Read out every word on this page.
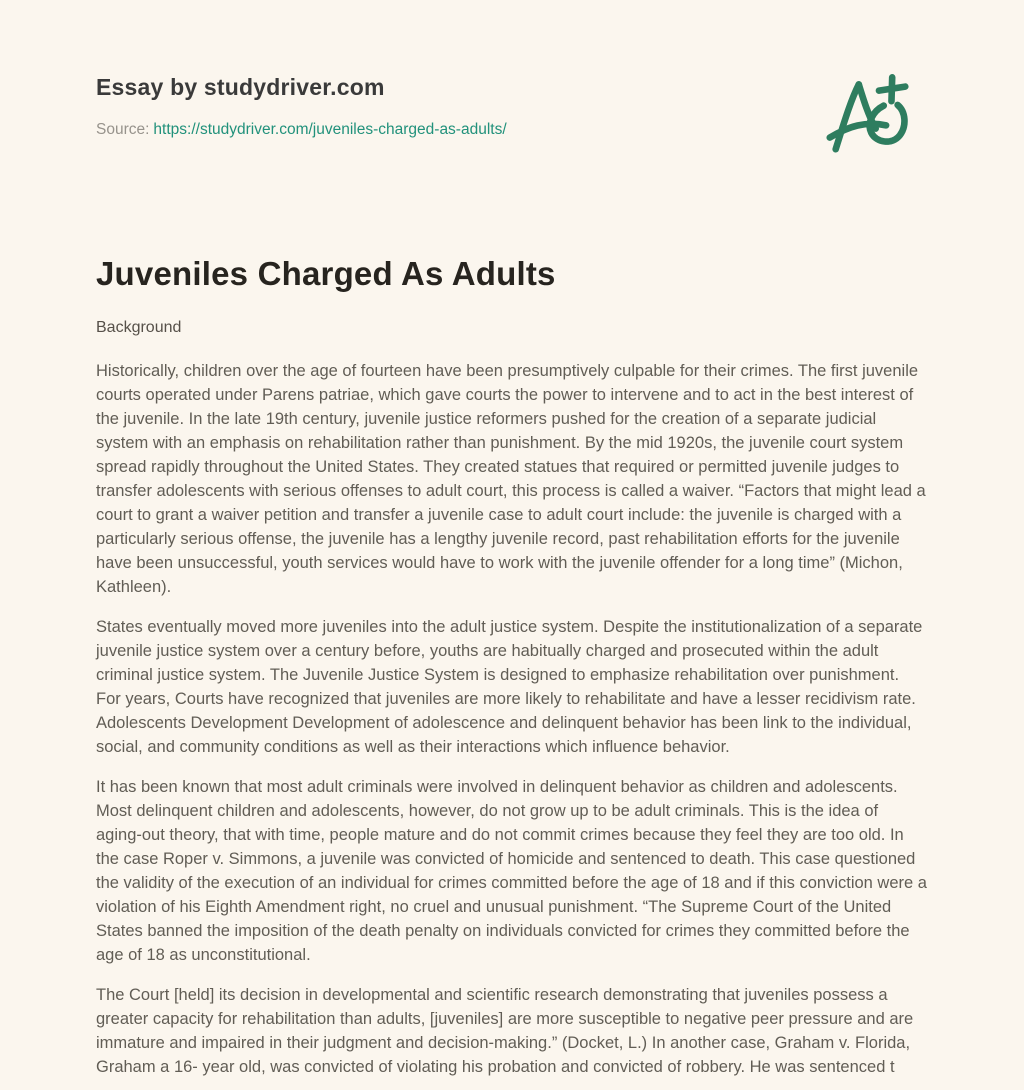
Essay by studydriver.com
Source: https://studydriver.com/juveniles-charged-as-adults/
Juveniles Charged As Adults
Background

Historically, children over the age of fourteen have been presumptively culpable for their crimes. The first juvenile courts operated under Parens patriae, which gave courts the power to intervene and to act in the best interest of the juvenile. In the late 19th century, juvenile justice reformers pushed for the creation of a separate judicial system with an emphasis on rehabilitation rather than punishment. By the mid 1920s, the juvenile court system spread rapidly throughout the United States. They created statues that required or permitted juvenile judges to transfer adolescents with serious offenses to adult court, this process is called a waiver. “Factors that might lead a court to grant a waiver petition and transfer a juvenile case to adult court include: the juvenile is charged with a particularly serious offense, the juvenile has a lengthy juvenile record, past rehabilitation efforts for the juvenile have been unsuccessful, youth services would have to work with the juvenile offender for a long time” (Michon, Kathleen).

States eventually moved more juveniles into the adult justice system. Despite the institutionalization of a separate juvenile justice system over a century before, youths are habitually charged and prosecuted within the adult criminal justice system. The Juvenile Justice System is designed to emphasize rehabilitation over punishment. For years, Courts have recognized that juveniles are more likely to rehabilitate and have a lesser recidivism rate. Adolescents Development Development of adolescence and delinquent behavior has been link to the individual, social, and community conditions as well as their interactions which influence behavior.

It has been known that most adult criminals were involved in delinquent behavior as children and adolescents. Most delinquent children and adolescents, however, do not grow up to be adult criminals. This is the idea of aging-out theory, that with time, people mature and do not commit crimes because they feel they are too old. In the case Roper v. Simmons, a juvenile was convicted of homicide and sentenced to death. This case questioned the validity of the execution of an individual for crimes committed before the age of 18 and if this conviction were a violation of his Eighth Amendment right, no cruel and unusual punishment. “The Supreme Court of the United States banned the imposition of the death penalty on individuals convicted for crimes they committed before the age of 18 as unconstitutional.

The Court [held] its decision in developmental and scientific research demonstrating that juveniles possess a greater capacity for rehabilitation than adults, [juveniles] are more susceptible to negative peer pressure and are immature and impaired in their judgment and decision-making.” (Docket, L.) In another case, Graham v. Florida, Graham a 16- year old, was convicted of violating his probation and convicted of robbery. He was sentenced t
